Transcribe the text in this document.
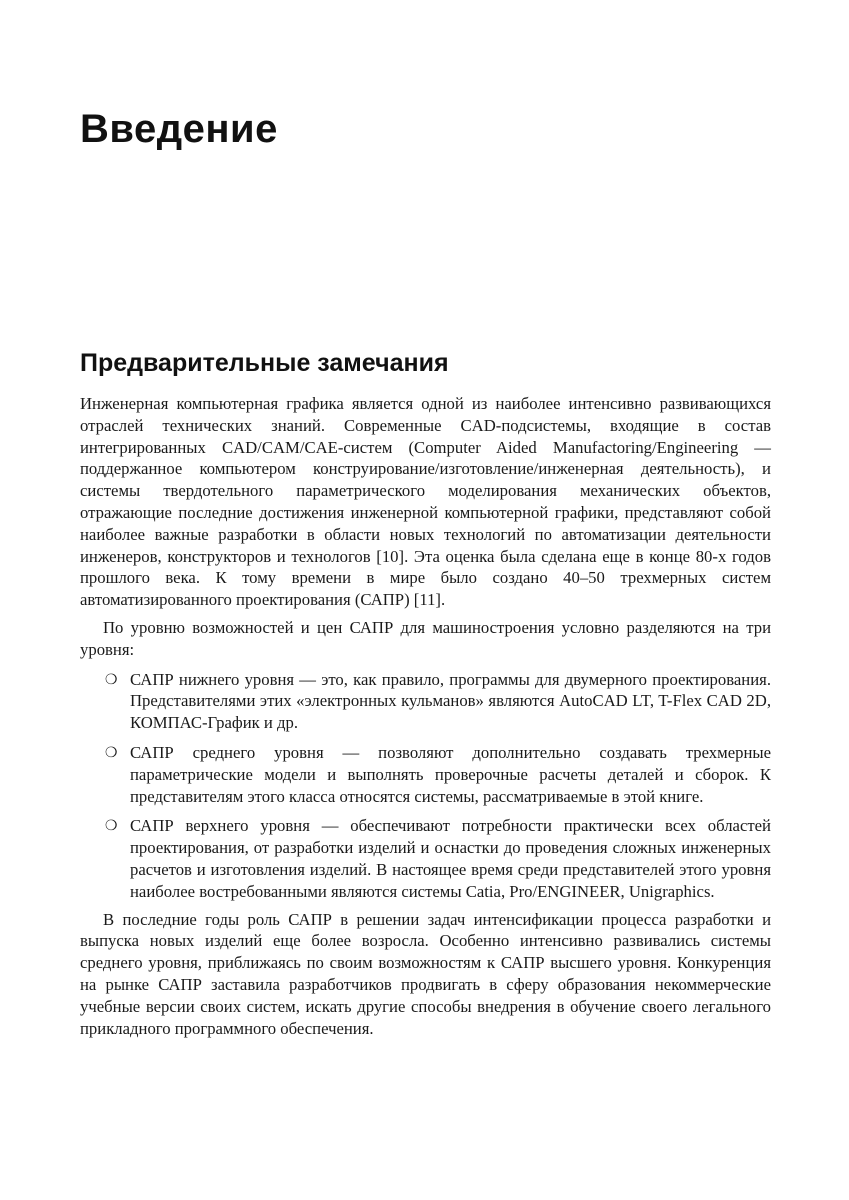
Введение
Предварительные замечания

Инженерная компьютерная графика является одной из наиболее интенсивно развивающихся отраслей технических знаний. Современные CAD-подсистемы, входящие в состав интегрированных CAD/CAM/CAE-систем (Computer Aided Manufactoring/Engineering — поддержанное компьютером конструирование/изготовление/инженерная деятельность), и системы твердотельного параметрического моделирования механических объектов, отражающие последние достижения инженерной компьютерной графики, представляют собой наиболее важные разработки в области новых технологий по автоматизации деятельности инженеров, конструкторов и технологов [10]. Эта оценка была сделана еще в конце 80-х годов прошлого века. К тому времени в мире было создано 40–50 трехмерных систем автоматизированного проектирования (САПР) [11].

По уровню возможностей и цен САПР для машиностроения условно разделяются на три уровня:

❍ САПР нижнего уровня — это, как правило, программы для двумерного проектирования. Представителями этих «электронных кульманов» являются AutoCAD LT, T-Flex CAD 2D, КОМПАС-График и др.
❍ САПР среднего уровня — позволяют дополнительно создавать трехмерные параметрические модели и выполнять проверочные расчеты деталей и сборок. К представителям этого класса относятся системы, рассматриваемые в этой книге.
❍ САПР верхнего уровня — обеспечивают потребности практически всех областей проектирования, от разработки изделий и оснастки до проведения сложных инженерных расчетов и изготовления изделий. В настоящее время среди представителей этого уровня наиболее востребованными являются системы Catia, Pro/ENGINEER, Unigraphics.

В последние годы роль САПР в решении задач интенсификации процесса разработки и выпуска новых изделий еще более возросла. Особенно интенсивно развивались системы среднего уровня, приближаясь по своим возможностям к САПР высшего уровня. Конкуренция на рынке САПР заставила разработчиков продвигать в сферу образования некоммерческие учебные версии своих систем, искать другие способы внедрения в обучение своего легального прикладного программного обеспечения.
